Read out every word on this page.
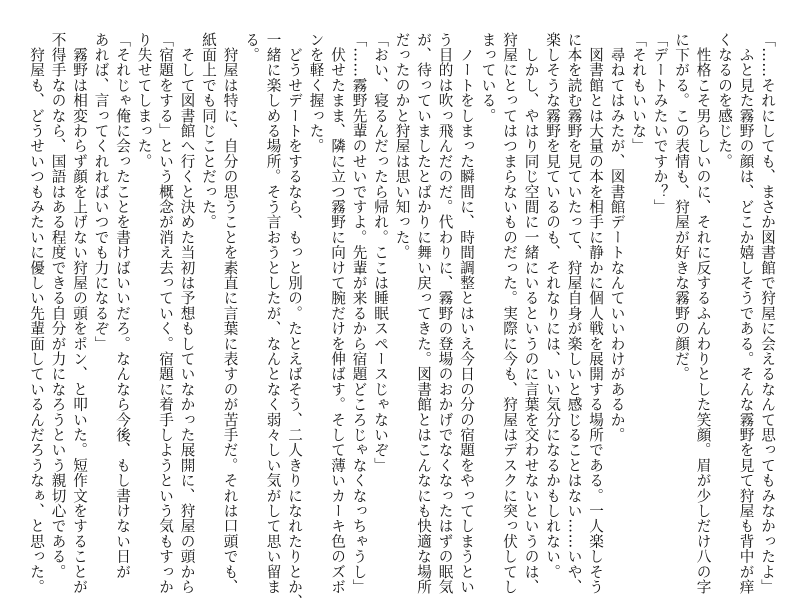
「……それにしても、まさか図書館で狩屋に会えるなんて思ってもみなかったよ」
　ふと見た霧野の顔は、どこか嬉しそうである。そんな霧野を見て狩屋も背中が痒
くなるのを感じた。
　性格こそ男らしいのに、それに反するふんわりとした笑顔。眉が少しだけ八の字
に下がる。この表情も、狩屋が好きな霧野の顔だ。
「デートみたいですか？」
「それもいいな」
　尋ねてはみたが、図書館デートなんていいわけがあるか。
　図書館とは大量の本を相手に静かに個人戦を展開する場所である。一人楽しそう
に本を読む霧野を見ていたって、狩屋自身が楽しいと感じることはない……いや、
楽しそうな霧野を見ているのも、それなりには、いい気分になるかもしれない。
　しかし、やはり同じ空間に一緒にいるというのに言葉を交わせないというのは、
狩屋にとってはつまらないものだった。実際に今も、狩屋はデスクに突っ伏してし
まっている。
　ノートをしまった瞬間に、時間調整とはいえ今日の分の宿題をやってしまうとい
う目的は吹っ飛んだのだ。代わりに、霧野の登場のおかげでなくなったはずの眠気
が、待っていましたとばかりに舞い戻ってきた。図書館とはこんなにも快適な場所
だったのかと狩屋は思い知った。
「おい、寝るんだったら帰れ。ここは睡眠スペースじゃないぞ」
「……霧野先輩のせいですよ。先輩が来るから宿題どころじゃなくなっちゃうし」
　伏せたまま、隣に立つ霧野に向けて腕だけを伸ばす。そして薄いカーキ色のズボ
ンを軽く握った。
　どうせデートをするなら、もっと別の。たとえばそう、二人きりになれたりとか、
一緒に楽しめる場所。そう言おうとしたが、なんとなく弱々しい気がして思い留ま
る。
　狩屋は特に、自分の思うことを素直に言葉に表すのが苦手だ。それは口頭でも、
紙面上でも同じことだった。
　そして図書館へ行くと決めた当初は予想もしていなかった展開に、狩屋の頭から
「宿題をする」という概念が消え去っていく。宿題に着手しようという気もすっか
り失せてしまった。
「それじゃ俺に会ったことを書けばいいだろ。なんなら今後、もし書けない日が
あれば、言ってくれればいつでも力になるぞ」
　霧野は相変わらず顔を上げない狩屋の頭をポン、と叩いた。短作文をすることが
不得手なのなら、国語はある程度できる自分が力になろうという親切心である。
　狩屋も、どうせいつもみたいに優しい先輩面しているんだろうなぁ、と思った。
